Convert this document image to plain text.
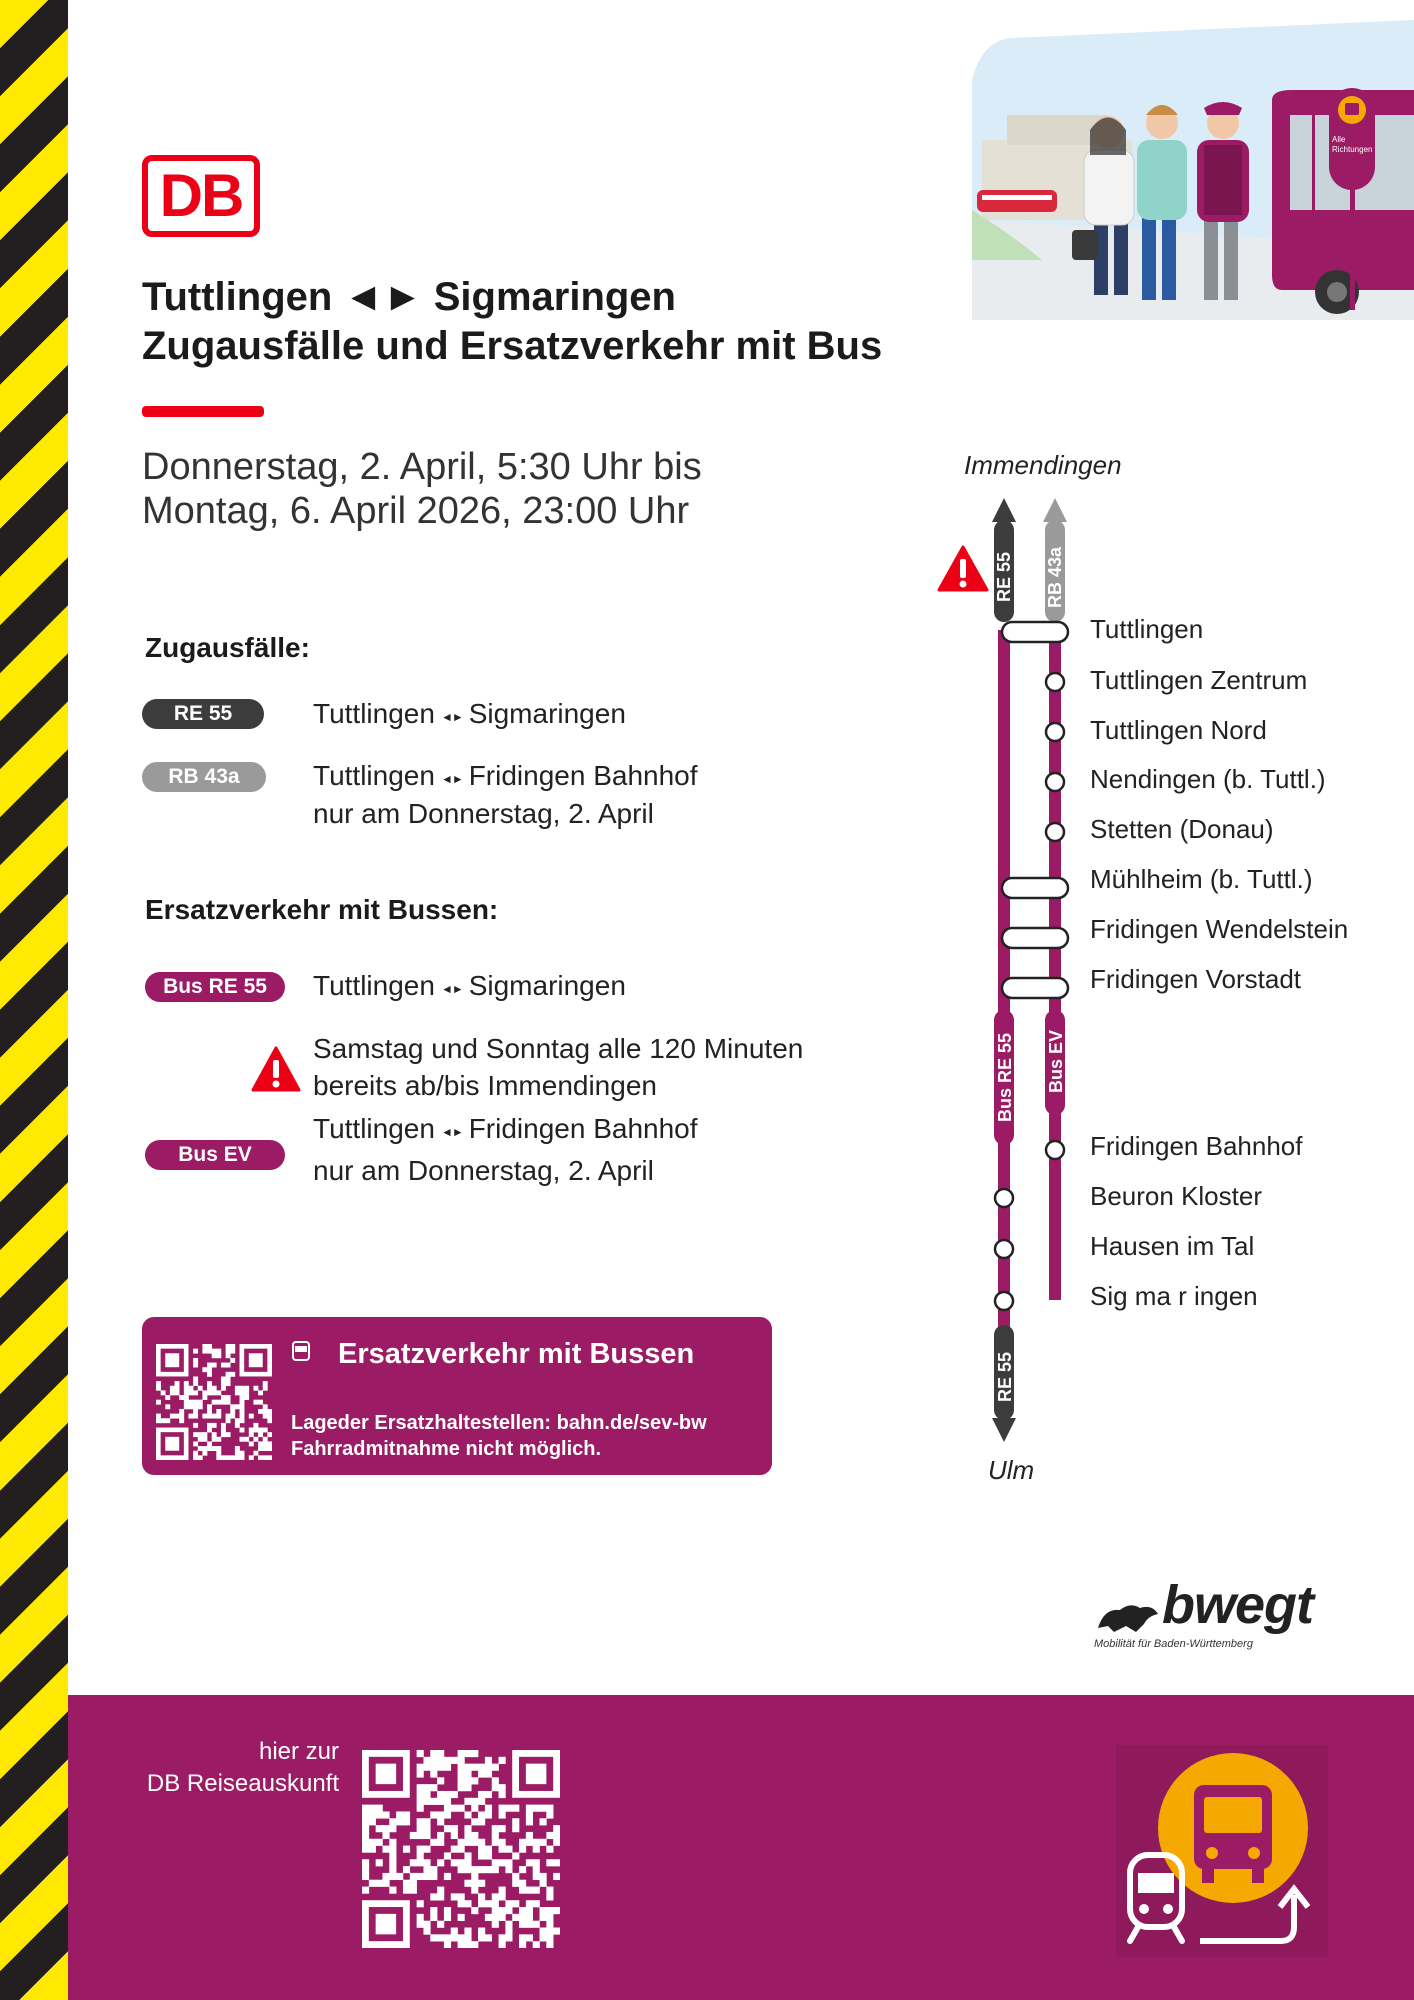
Alle
Richtungen
DB
Tuttlingen ◄► Sigmaringen
Zugausfälle und Ersatzverkehr mit Bus
Donnerstag, 2. April, 5:30 Uhr bis
Montag, 6. April 2026, 23:00 Uhr
Zugausfälle:
RE 55	Tuttlingen ◄► Sigmaringen
RB 43a	Tuttlingen ◄► Fridingen Bahnhof
nur am Donnerstag, 2. April
Ersatzverkehr mit Bussen:
Bus RE 55 Tuttlingen ◄► Sigmaringen
Samstag und Sonntag alle 120 Minuten
bereits ab/bis Immendingen
Tuttlingen ◄► Fridingen Bahnhof
Bus EV
nur am Donnerstag, 2. April
Ersatzverkehr mit Bussen
Lageder Ersatzhaltestellen: bahn.de/sev-bw
Fahrradmitnahme nicht möglich.
Immendingen
Ulm
RE 55 RB 43a
Bus RE 55 Bus EV
RE 55
Tuttlingen
Tuttlingen Zentrum
Tuttlingen Nord
Nendingen (b. Tuttl.)
Stetten (Donau)
Mühlheim (b. Tuttl.)
Fridingen Wendelstein
Fridingen Vorstadt
Fridingen Bahnhof
Beuron Kloster
Hausen im Tal
Sig ma r ingen
bwegt
Mobilität für Baden-Württemberg
hier zur
DB Reiseauskunft
